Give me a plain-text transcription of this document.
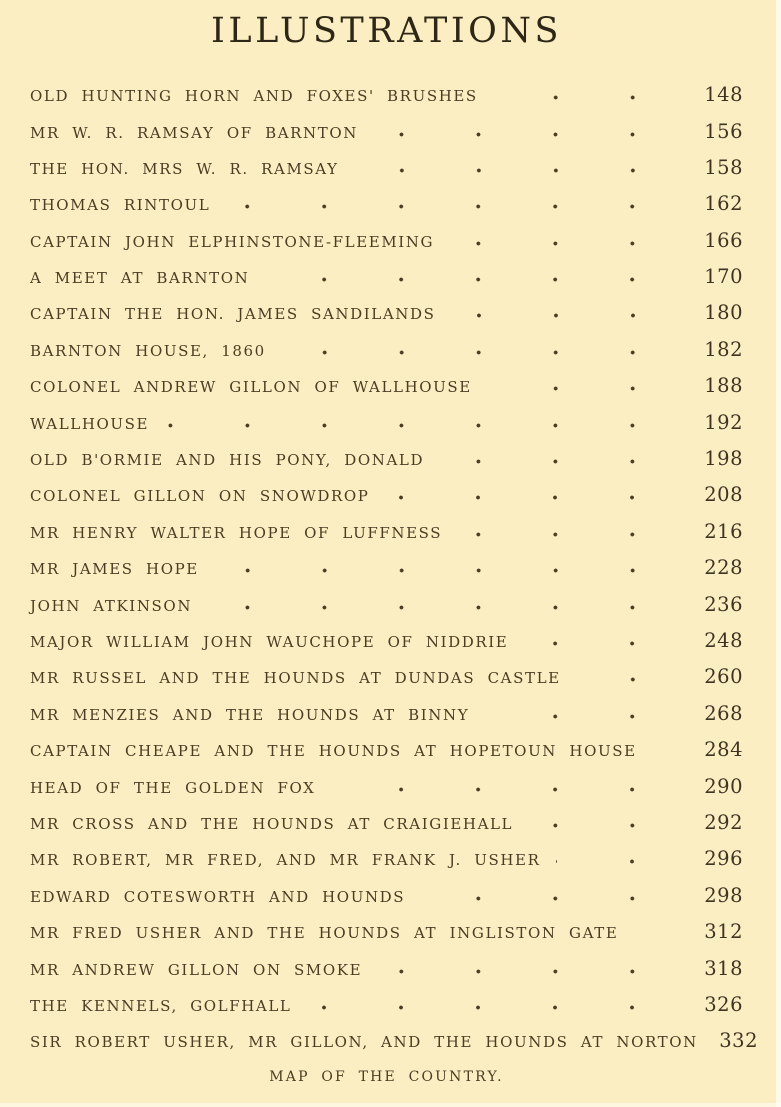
ILLUSTRATIONS
OLD HUNTING HORN AND FOXES' BRUSHES	148
MR W. R. RAMSAY OF BARNTON	156
THE HON. MRS W. R. RAMSAY	158
THOMAS RINTOUL	162
CAPTAIN JOHN ELPHINSTONE-FLEEMING	166
A MEET AT BARNTON	170
CAPTAIN THE HON. JAMES SANDILANDS	180
BARNTON HOUSE, 1860	182
COLONEL ANDREW GILLON OF WALLHOUSE	188
WALLHOUSE	192
OLD B'ORMIE AND HIS PONY, DONALD	198
COLONEL GILLON ON SNOWDROP	208
MR HENRY WALTER HOPE OF LUFFNESS	216
MR JAMES HOPE	228
JOHN ATKINSON	236
MAJOR WILLIAM JOHN WAUCHOPE OF NIDDRIE	248
MR RUSSEL AND THE HOUNDS AT DUNDAS CASTLE	260
MR MENZIES AND THE HOUNDS AT BINNY	268
CAPTAIN CHEAPE AND THE HOUNDS AT HOPETOUN HOUSE	284
HEAD OF THE GOLDEN FOX	290
MR CROSS AND THE HOUNDS AT CRAIGIEHALL	292
MR ROBERT, MR FRED, AND MR FRANK J. USHER	296
EDWARD COTESWORTH AND HOUNDS	298
MR FRED USHER AND THE HOUNDS AT INGLISTON GATE	312
MR ANDREW GILLON ON SMOKE	318
THE KENNELS, GOLFHALL	326
SIR ROBERT USHER, MR GILLON, AND THE HOUNDS AT NORTON	332
MAP OF THE COUNTRY.
